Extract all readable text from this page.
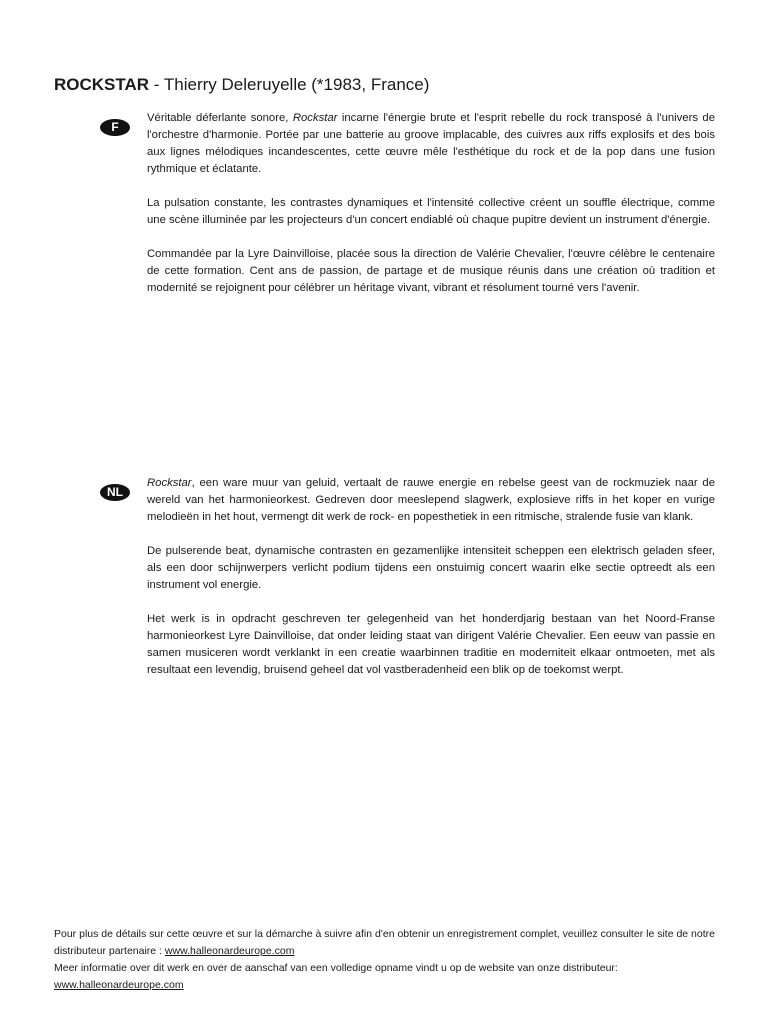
ROCKSTAR - Thierry Deleruyelle (*1983, France)
F

Véritable déferlante sonore, Rockstar incarne l'énergie brute et l'esprit rebelle du rock transposé à l'univers de l'orchestre d'harmonie. Portée par une batterie au groove implacable, des cuivres aux riffs explosifs et des bois aux lignes mélodiques incandescentes, cette œuvre mêle l'esthétique du rock et de la pop dans une fusion rythmique et éclatante.

La pulsation constante, les contrastes dynamiques et l'intensité collective créent un souffle électrique, comme une scène illuminée par les projecteurs d'un concert endiablé où chaque pupitre devient un instrument d'énergie.

Commandée par la Lyre Dainvilloise, placée sous la direction de Valérie Chevalier, l'œuvre célèbre le centenaire de cette formation. Cent ans de passion, de partage et de musique réunis dans une création où tradition et modernité se rejoignent pour célébrer un héritage vivant, vibrant et résolument tourné vers l'avenir.

NL

Rockstar, een ware muur van geluid, vertaalt de rauwe energie en rebelse geest van de rockmuziek naar de wereld van het harmonieorkest. Gedreven door meeslepend slagwerk, explosieve riffs in het koper en vurige melodieën in het hout, vermengt dit werk de rock- en popesthetiek in een ritmische, stralende fusie van klank.

De pulserende beat, dynamische contrasten en gezamenlijke intensiteit scheppen een elektrisch geladen sfeer, als een door schijnwerpers verlicht podium tijdens een onstuimig concert waarin elke sectie optreedt als een instrument vol energie.

Het werk is in opdracht geschreven ter gelegenheid van het honderdjarig bestaan van het Noord-Franse harmonieorkest Lyre Dainvilloise, dat onder leiding staat van dirigent Valérie Chevalier. Een eeuw van passie en samen musiceren wordt verklankt in een creatie waarbinnen traditie en moderniteit elkaar ontmoeten, met als resultaat een levendig, bruisend geheel dat vol vastberadenheid een blik op de toekomst werpt.

Pour plus de détails sur cette œuvre et sur la démarche à suivre afin d'en obtenir un enregistrement complet, veuillez consulter le site de notre distributeur partenaire : www.halleonardeurope.com

Meer informatie over dit werk en over de aanschaf van een volledige opname vindt u op de website van onze distributeur:

www.halleonardeurope.com
